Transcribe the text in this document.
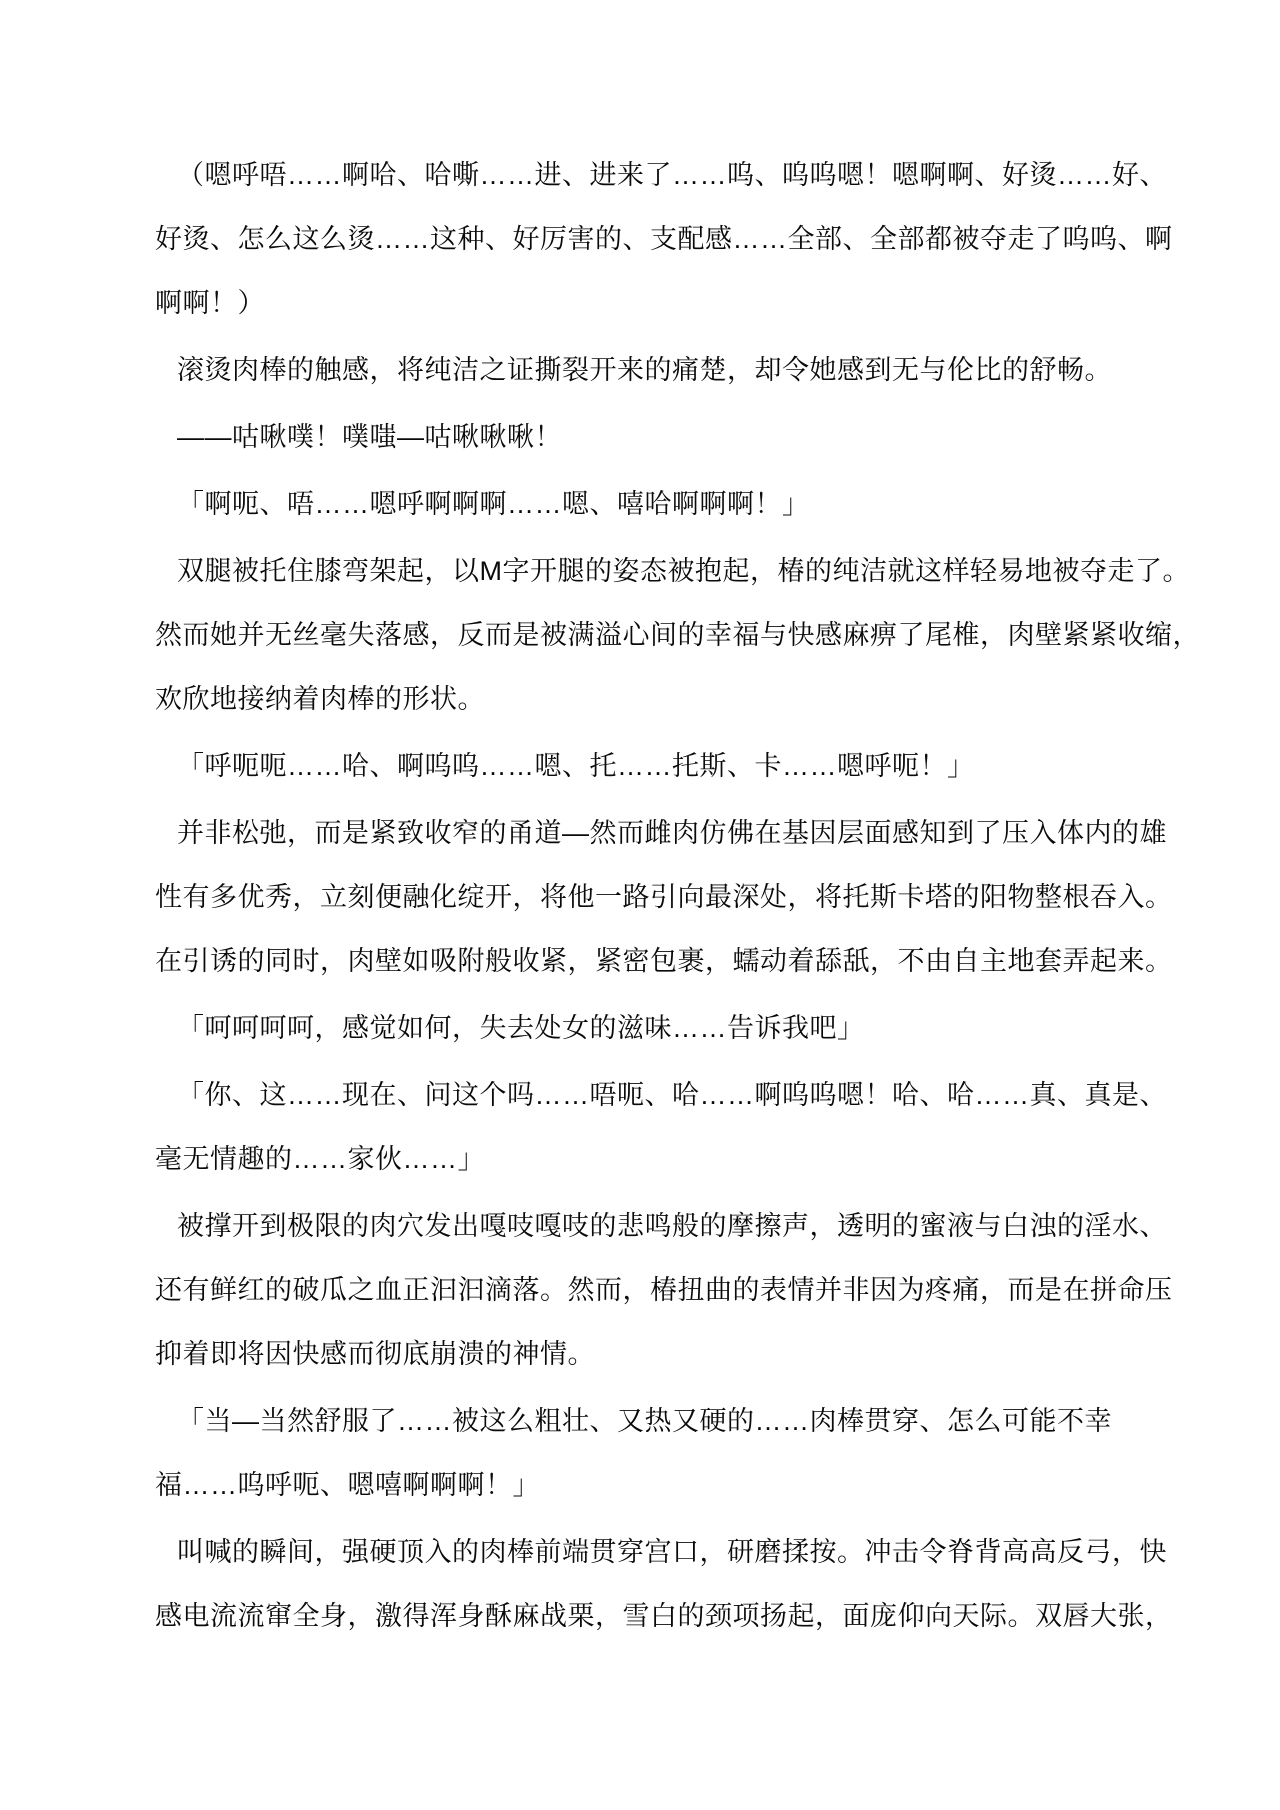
（嗯呼唔……啊哈、哈嘶……进、进来了……呜、呜呜嗯！嗯啊啊、好烫……好、
好烫、怎么这么烫……这种、好厉害的、支配感……全部、全部都被夺走了呜呜、啊
啊啊！）
滚烫肉棒的触感，将纯洁之证撕裂开来的痛楚，却令她感到无与伦比的舒畅。
——咕啾噗！噗嗤—咕啾啾啾！
「啊呃、唔……嗯呼啊啊啊……嗯、嘻哈啊啊啊！」
双腿被托住膝弯架起，以M字开腿的姿态被抱起，椿的纯洁就这样轻易地被夺走了。
然而她并无丝毫失落感，反而是被满溢心间的幸福与快感麻痹了尾椎，肉壁紧紧收缩，
欢欣地接纳着肉棒的形状。
「呼呃呃……哈、啊呜呜……嗯、托……托斯、卡……嗯呼呃！」
并非松弛，而是紧致收窄的甬道—然而雌肉仿佛在基因层面感知到了压入体内的雄
性有多优秀，立刻便融化绽开，将他一路引向最深处，将托斯卡塔的阳物整根吞入。
在引诱的同时，肉壁如吸附般收紧，紧密包裹，蠕动着舔舐，不由自主地套弄起来。
「呵呵呵呵，感觉如何，失去处女的滋味……告诉我吧」
「你、这……现在、问这个吗……唔呃、哈……啊呜呜嗯！哈、哈……真、真是、
毫无情趣的……家伙……」
被撑开到极限的肉穴发出嘎吱嘎吱的悲鸣般的摩擦声，透明的蜜液与白浊的淫水、
还有鲜红的破瓜之血正汩汩滴落。然而，椿扭曲的表情并非因为疼痛，而是在拼命压
抑着即将因快感而彻底崩溃的神情。
「当—当然舒服了……被这么粗壮、又热又硬的……肉棒贯穿、怎么可能不幸
福……呜呼呃、嗯嘻啊啊啊！」
叫喊的瞬间，强硬顶入的肉棒前端贯穿宫口，研磨揉按。冲击令脊背高高反弓，快
感电流流窜全身，激得浑身酥麻战栗，雪白的颈项扬起，面庞仰向天际。双唇大张，
